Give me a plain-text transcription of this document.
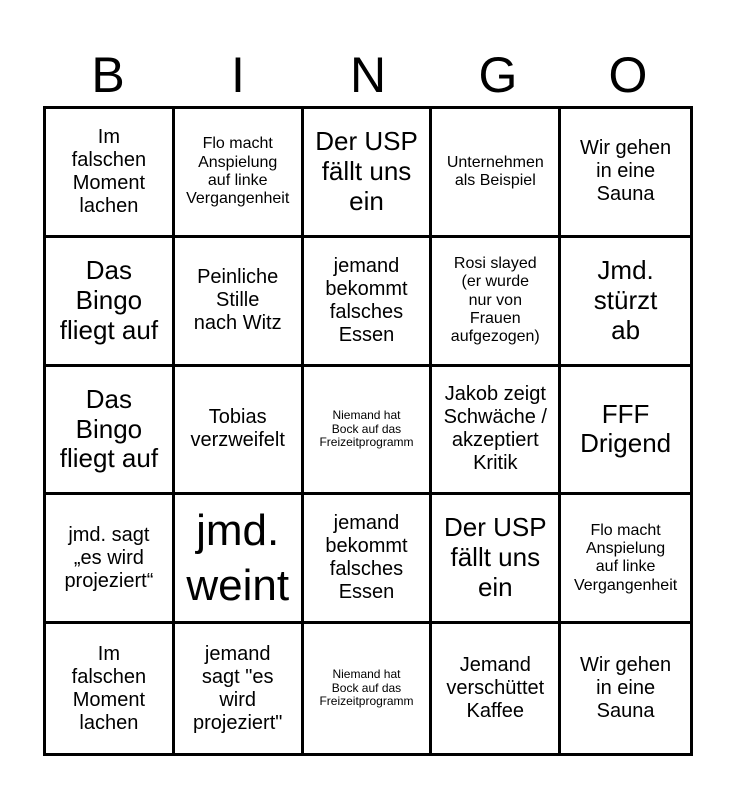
B	I	N	G	O
Im
falschen
Moment
lachen
Flo macht
Anspielung
auf linke
Vergangenheit
Der USP
fällt uns
ein
Unternehmen
als Beispiel
Wir gehen
in eine
Sauna
Das
Bingo
fliegt auf
Peinliche
Stille
nach Witz
jemand
bekommt
falsches
Essen
Rosi slayed
(er wurde
nur von
Frauen
aufgezogen)
Jmd.
stürzt
ab
Das
Bingo
fliegt auf
Tobias
verzweifelt
Niemand hat
Bock auf das
Freizeitprogramm
Jakob zeigt
Schwäche /
akzeptiert
Kritik
FFF
Drigend
jmd. sagt
„es wird
projeziert“
jmd.
weint
jemand
bekommt
falsches
Essen
Der USP
fällt uns
ein
Flo macht
Anspielung
auf linke
Vergangenheit
Im
falschen
Moment
lachen
jemand
sagt "es
wird
projeziert"
Niemand hat
Bock auf das
Freizeitprogramm
Jemand
verschüttet
Kaffee
Wir gehen
in eine
Sauna
